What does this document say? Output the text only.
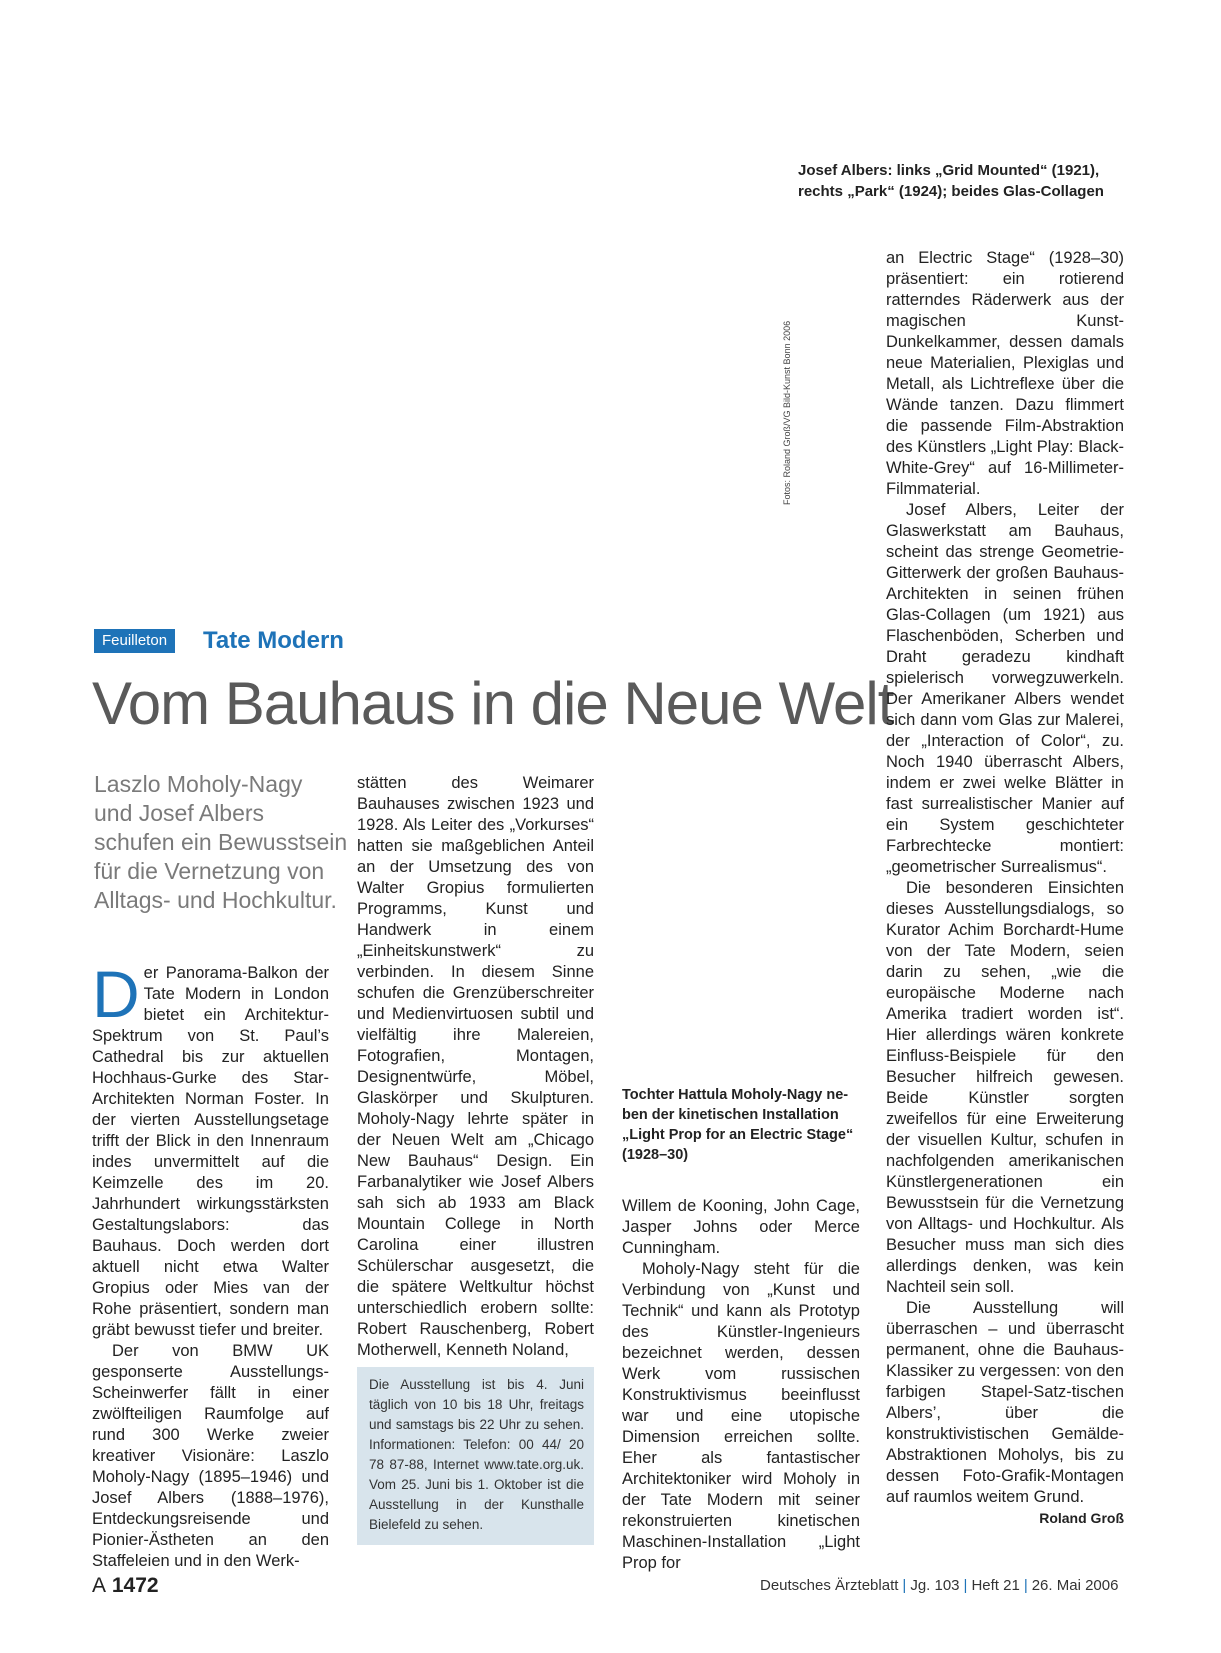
Josef Albers: links „Grid Mounted“ (1921),
rechts „Park“ (1924); beides Glas-Collagen
Fotos: Roland Groß/VG Bild-Kunst Bonn 2006
Feuilleton	Tate Modern
Vom Bauhaus in die Neue Welt
Laszlo Moholy-Nagy
und Josef Albers
schufen ein Bewusstsein
für die Vernetzung von
Alltags- und Hochkultur.

Der Panorama-Balkon der Tate Modern in London bietet ein Architektur-Spektrum von St. Paul’s Cathedral bis zur aktuellen Hochhaus-Gurke des Star-Architekten Norman Foster. In der vierten Ausstellungsetage trifft der Blick in den Innenraum indes unvermittelt auf die Keimzelle des im 20. Jahrhundert wirkungsstärksten Gestaltungslabors: das Bauhaus. Doch werden dort aktuell nicht etwa Walter Gropius oder Mies van der Rohe präsentiert, sondern man gräbt bewusst tiefer und breiter.

Der von BMW UK gesponserte Ausstellungs-Scheinwerfer fällt in einer zwölfteiligen Raumfolge auf rund 300 Werke zweier kreativer Visionäre: Laszlo Moholy-Nagy (1895–1946) und Josef Albers (1888–1976), Entdeckungsreisende und Pionier-Ästheten an den Staffeleien und in den Werk-

stätten des Weimarer Bauhauses zwischen 1923 und 1928. Als Leiter des „Vorkurses“ hatten sie maßgeblichen Anteil an der Umsetzung des von Walter Gropius formulierten Programms, Kunst und Handwerk in einem „Einheitskunstwerk“ zu verbinden. In diesem Sinne schufen die Grenzüberschreiter und Medienvirtuosen subtil und vielfältig ihre Malereien, Fotografien, Montagen, Designentwürfe, Möbel, Glaskörper und Skulpturen. Moholy-Nagy lehrte später in der Neuen Welt am „Chicago New Bauhaus“ Design. Ein Farbanalytiker wie Josef Albers sah sich ab 1933 am Black Mountain College in North Carolina einer illustren Schülerschar ausgesetzt, die die spätere Weltkultur höchst unterschiedlich erobern sollte: Robert Rauschenberg, Robert Motherwell, Kenneth Noland,

Die Ausstellung ist bis 4. Juni täglich von 10 bis 18 Uhr, freitags und samstags bis 22 Uhr zu sehen. Informationen: Telefon: 00 44/ 20 78 87-88, Internet www.tate.org.uk. Vom 25. Juni bis 1. Oktober ist die Ausstellung in der Kunsthalle Bielefeld zu sehen.

Tochter Hattula Moholy-Nagy ne-
ben der kinetischen Installation
„Light Prop for an Electric Stage“
(1928–30)

Willem de Kooning, John Cage, Jasper Johns oder Merce Cunningham.

Moholy-Nagy steht für die Verbindung von „Kunst und Technik“ und kann als Prototyp des Künstler-Ingenieurs bezeichnet werden, dessen Werk vom russischen Konstruktivismus beeinflusst war und eine utopische Dimension erreichen sollte. Eher als fantastischer Architektoniker wird Moholy in der Tate Modern mit seiner rekonstruierten kinetischen Maschinen-Installation „Light Prop for

an Electric Stage“ (1928–30) präsentiert: ein rotierend ratterndes Räderwerk aus der magischen Kunst-Dunkelkammer, dessen damals neue Materialien, Plexiglas und Metall, als Lichtreflexe über die Wände tanzen. Dazu flimmert die passende Film-Abstraktion des Künstlers „Light Play: Black-White-Grey“ auf 16-Millimeter-Filmmaterial.

Josef Albers, Leiter der Glaswerkstatt am Bauhaus, scheint das strenge Geometrie-Gitterwerk der großen Bauhaus-Architekten in seinen frühen Glas-Collagen (um 1921) aus Flaschenböden, Scherben und Draht geradezu kindhaft spielerisch vorwegzuwerkeln. Der Amerikaner Albers wendet sich dann vom Glas zur Malerei, der „Interaction of Color“, zu. Noch 1940 überrascht Albers, indem er zwei welke Blätter in fast surrealistischer Manier auf ein System geschichteter Farbrechtecke montiert: „geometrischer Surrealismus“.

Die besonderen Einsichten dieses Ausstellungsdialogs, so Kurator Achim Borchardt-Hume von der Tate Modern, seien darin zu sehen, „wie die europäische Moderne nach Amerika tradiert worden ist“. Hier allerdings wären konkrete Einfluss-Beispiele für den Besucher hilfreich gewesen. Beide Künstler sorgten zweifellos für eine Erweiterung der visuellen Kultur, schufen in nachfolgenden amerikanischen Künstlergenerationen ein Bewusstsein für die Vernetzung von Alltags- und Hochkultur. Als Besucher muss man sich dies allerdings denken, was kein Nachteil sein soll.

Die Ausstellung will überraschen – und überrascht permanent, ohne die Bauhaus-Klassiker zu vergessen: von den farbigen Stapel-Satz-tischen Albers’, über die konstruktivistischen Gemälde-Abstraktionen Moholys, bis zu dessen Foto-Grafik-Montagen auf raumlos weitem Grund.
Roland Groß

A 1472	Deutsches Ärzteblatt | Jg. 103 | Heft 21 | 26. Mai 2006
